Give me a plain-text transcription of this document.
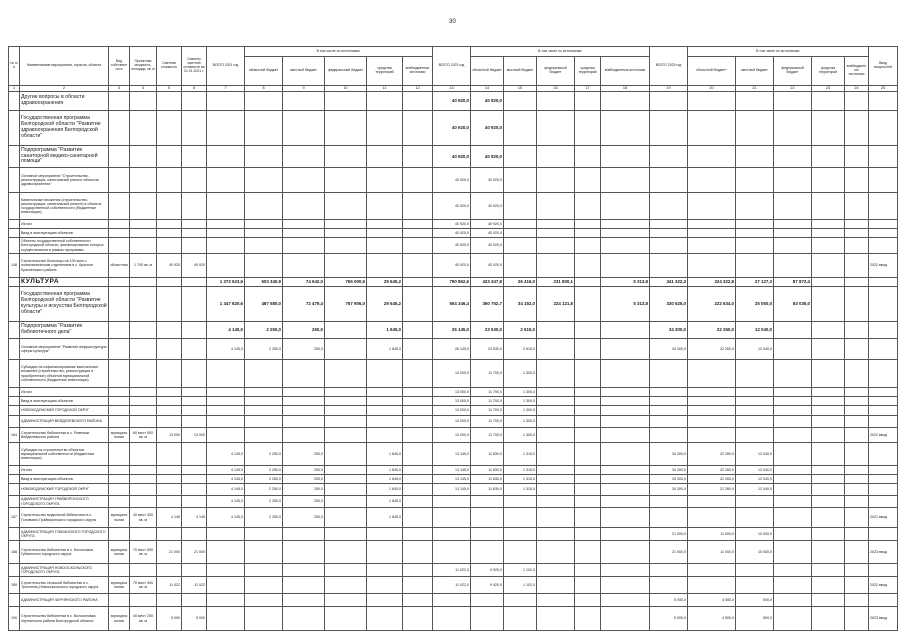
30
№ п/п	Наименование мероприятия, отрасли, объекта	Вид собственности	Проектная мощность, площадь, кв. м	Сметная стоимость	Освоено сметной стоимости на 01.01.2021 г.	ВСЕГО 2021 год	В том числе по источникам:					ВСЕГО 2022 год	В том числе по источникам:					ВСЕГО 2023 год	В том числе по источникам:					Ввод мощностей
							областной бюджет	местный бюджет	федеральный бюджет	средства территорий	внебюджетные источники		областной бюджет	местный бюджет	федеральный бюджет	средства территорий	внебюджетные источники		областной бюджет*	местный бюджет	федеральный бюджет	средства территорий	внебюджетные источники	
1	2	3	4	5	6	7	8	9	10	11	12	13	14	15	16	17	18	19	20	21	22	23	24	25
	Другие вопросы в области здравоохранения											40 920,0	40 920,0											
	Государственная программа Белгородской области "Развитие здравоохранения Белгородской области"											40 920,0	40 920,0											
	Подпрограмма "Развитие санаторной медико-санитарной помощи"											40 920,0	40 920,0											
	Основное мероприятие "Строительство, реконструкция, капитальный ремонт объектов здравоохранения"											40 920,0	40 920,0											
	Капитальные вложения (строительство, реконструкция, капитальный ремонт) в объекты государственной собственности (бюджетные инвестиции)											40 920,0	40 920,0											
	Из них											40 920,0	40 920,0											
	Ввод в эксплуатацию объектов											40 920,0	40 920,0											
	Объекты государственной собственности Белгородской области, финансирование которых осуществляется в рамках программы											40 920,0	40 920,0											
148	Строительство больницы на 100 коек с поликлиническим отделением в с. Красное Красненского района	областная	1 700 кв. м	40 920	40 920							40 920,0	40 920,0											2022 ввод
	КУЛЬТУРА					1 372 623,6	503 340,9	74 642,0	765 000,5	29 645,2		790 862,6	423 347,8	26 416,0	231 800,1		5 313,8	341 322,3	224 322,8	27 127,3	87 872,4			
	Государственная программа Белгородской области "Развитие культуры и искусства Белгородской области"					1 347 620,6	487 580,0	72 479,4	757 906,0	29 645,2		554 346,4	360 752,7	34 152,0	224 121,8		5 313,8	330 625,0	222 634,0	25 050,0	83 035,0			
	Подпрограмма "Развитие библиотечного дела"					4 145,0	2 250,0	250,0		1 645,0		26 145,0	23 530,0	2 615,0				34 300,0	22 260,0	12 040,0				
	Основное мероприятие "Развитие инфраструктуры сферы культуры"					4 145,0	2 250,0	250,0		1 645,0		26 145,0	23 530,0	2 615,0				34 300,0	22 260,0	12 040,0				
	Субсидии на софинансирование капитальных вложений (строительство, реконструкция и приобретение) объектов муниципальной собственности (бюджетные инвестиции)											13 000,0	11 700,0	1 300,0										
	Из них											13 000,0	11 700,0	1 300,0										
	Ввод в эксплуатацию объектов											13 000,0	11 700,0	1 300,0										
	НОВОКОДУМСКИЙ ГОРОДСКОЙ ОКРУГ											13 000,0	11 700,0	1 300,0										
	АДМИНИСТРАЦИЯ ВЕЙДЕЛЕВСКОГО РАЙОНА											13 000,0	11 700,0	1 300,0										
164	Строительство библиотеки в с. Ровеньки Вейделевского района	муниципальная	60 мест 500 кв. м	13 000	13 000							13 000,0	11 700,0	1 300,0										2022 ввод
	Субсидии на строительство объектов муниципальной собственности (бюджетные инвестиции)					4 145,0	2 250,0	250,0		1 645,0		13 145,0	11 830,0	1 315,0				34 300,0	22 260,0	12 040,0				
	Из них					4 145,0	2 250,0	250,0		1 645,0		13 145,0	11 830,0	1 315,0				34 300,0	22 260,0	12 040,0				
	Ввод в эксплуатацию объектов					4 145,0	2 250,0	250,0		1 645,0		13 145,0	11 830,0	1 315,0				34 300,0	22 260,0	12 040,0				
	НОВОКОДУМСКИЙ ГОРОДСКОЙ ОКРУГ					4 145,0	2 250,0	250,0		1 645,0		13 145,0	11 830,0	1 315,0				34 300,0	22 260,0	12 040,0				
	АДМИНИСТРАЦИЯ ГРАЙВОРОНСКОГО ГОРОДСКОГО ОКРУГА					4 145,0	2 250,0	250,0		1 645,0														
187	Строительство модельной библиотеки в с. Головчино Грайворонского городского округа	муниципальная	40 мест 300 кв. м	4 145	4 145	4 145,0	2 250,0	250,0		1 645,0														2021 ввод
	АДМИНИСТРАЦИЯ ГУБКИНСКОГО ГОРОДСКОГО ОКРУГА																	21 000,0	11 000,0	10 000,0				
188	Строительство библиотеки в с. Богословка Губкинского городского округа	муниципальная	70 мест 500 кв. м	21 000	21 000													21 000,0	11 000,0	10 000,0				2023 ввод
	АДМИНИСТРАЦИЯ НОВООСКОЛЬСКОГО ГОРОДСКОГО ОКРУГА											11 022,0	9 920,0	1 102,0										
189	Строительство сельской библиотеки в с. Тростенец Новооскольского городского округа	муниципальная	70 мест 400 кв. м	11 022	11 022							11 022,0	9 920,0	1 102,0										2022 ввод
	АДМИНИСТРАЦИЯ ЧЕРНЯНСКОГО РАЙОНА																	5 000,0	4 500,0	500,0				
190	Строительство библиотеки в с. Волоконовка Чернянского района Белгородской области	муниципальная	40 мест 250 кв. м	5 000	5 000													5 000,0	4 500,0	500,0				2023 ввод
